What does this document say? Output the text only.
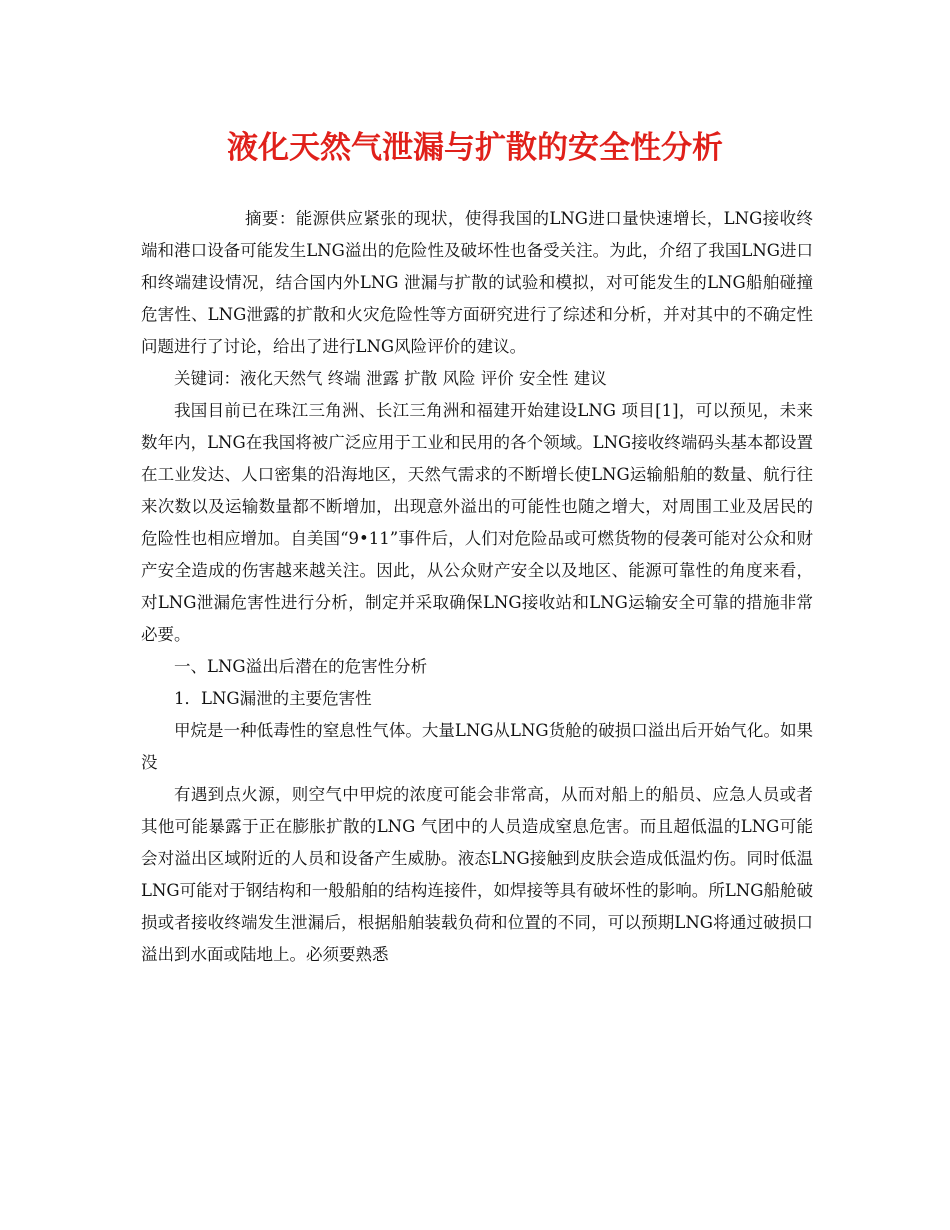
液化天然气泄漏与扩散的安全性分析

摘要：能源供应紧张的现状，使得我国的LNG进口量快速增长，LNG接收终端和港口设备可能发生LNG溢出的危险性及破坏性也备受关注。为此，介绍了我国LNG进口和终端建设情况，结合国内外LNG 泄漏与扩散的试验和模拟，对可能发生的LNG船舶碰撞危害性、LNG泄露的扩散和火灾危险性等方面研究进行了综述和分析，并对其中的不确定性问题进行了讨论，给出了进行LNG风险评价的建议。

关键词：液化天然气 终端 泄露 扩散 风险 评价 安全性 建议

我国目前已在珠江三角洲、长江三角洲和福建开始建设LNG 项目[1]，可以预见，未来数年内，LNG在我国将被广泛应用于工业和民用的各个领域。LNG接收终端码头基本都设置在工业发达、人口密集的沿海地区，天然气需求的不断增长使LNG运输船舶的数量、航行往来次数以及运输数量都不断增加，出现意外溢出的可能性也随之增大，对周围工业及居民的危险性也相应增加。自美国“9•11”事件后，人们对危险品或可燃货物的侵袭可能对公众和财产安全造成的伤害越来越关注。因此，从公众财产安全以及地区、能源可靠性的角度来看，对LNG泄漏危害性进行分析，制定并采取确保LNG接收站和LNG运输安全可靠的措施非常必要。

一、LNG溢出后潜在的危害性分析

1．LNG漏泄的主要危害性

甲烷是一种低毒性的窒息性气体。大量LNG从LNG货舱的破损口溢出后开始气化。如果没

有遇到点火源，则空气中甲烷的浓度可能会非常高，从而对船上的船员、应急人员或者其他可能暴露于正在膨胀扩散的LNG 气团中的人员造成窒息危害。而且超低温的LNG可能会对溢出区域附近的人员和设备产生威胁。液态LNG接触到皮肤会造成低温灼伤。同时低温LNG可能对于钢结构和一般船舶的结构连接件，如焊接等具有破坏性的影响。所LNG船舱破损或者接收终端发生泄漏后，根据船舶装载负荷和位置的不同，可以预期LNG将通过破损口溢出到水面或陆地上。必须要熟悉
